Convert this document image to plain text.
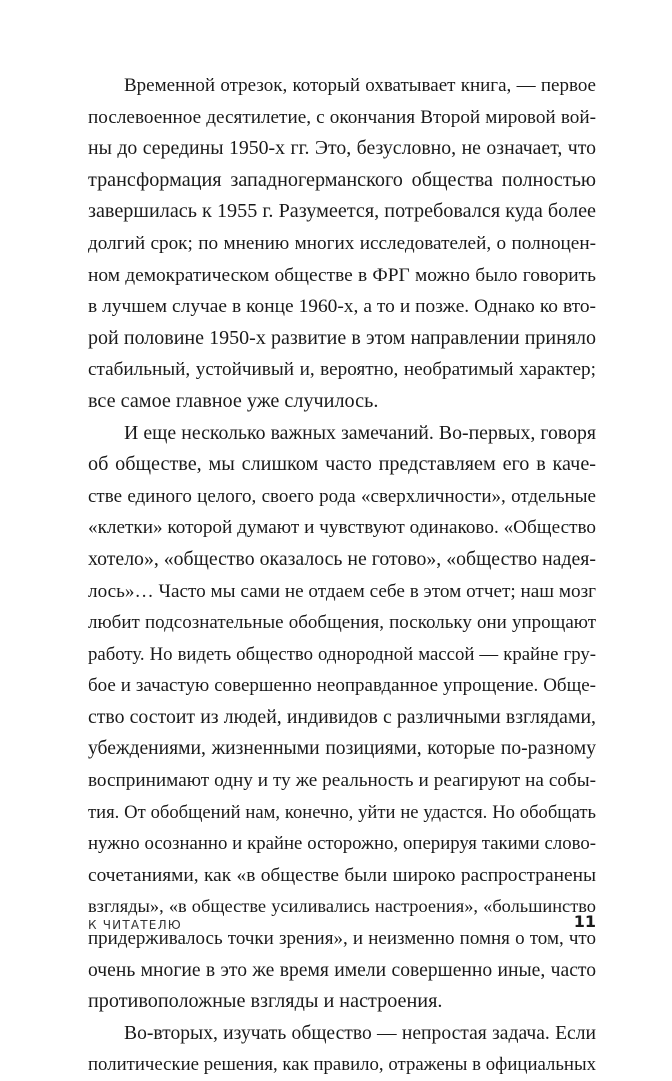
Временной отрезок, который охватывает книга, — первое
послевоенное десятилетие, с окончания Второй мировой вой-
ны до середины 1950-х гг. Это, безусловно, не означает, что
трансформация западногерманского общества полностью
завершилась к 1955 г. Разумеется, потребовался куда более
долгий срок; по мнению многих исследователей, о полноцен-
ном демократическом обществе в ФРГ можно было говорить
в лучшем случае в конце 1960-х, а то и позже. Однако ко вто-
рой половине 1950-х развитие в этом направлении приняло
стабильный, устойчивый и, вероятно, необратимый характер;
все самое главное уже случилось.
И еще несколько важных замечаний. Во-первых, говоря
об обществе, мы слишком часто представляем его в каче-
стве единого целого, своего рода «сверхличности», отдельные
«клетки» которой думают и чувствуют одинаково. «Общество
хотело», «общество оказалось не готово», «общество надея-
лось»… Часто мы сами не отдаем себе в этом отчет; наш мозг
любит подсознательные обобщения, поскольку они упрощают
работу. Но видеть общество однородной массой — крайне гру-
бое и зачастую совершенно неоправданное упрощение. Обще-
ство состоит из людей, индивидов с различными взглядами,
убеждениями, жизненными позициями, которые по-разному
воспринимают одну и ту же реальность и реагируют на собы-
тия. От обобщений нам, конечно, уйти не удастся. Но обобщать
нужно осознанно и крайне осторожно, оперируя такими слово-
сочетаниями, как «в обществе были широко распространены
взгляды», «в обществе усиливались настроения», «большинство
придерживалось точки зрения», и неизменно помня о том, что
очень многие в это же время имели совершенно иные, часто
противоположные взгляды и настроения.
Во-вторых, изучать общество — непростая задача. Если
политические решения, как правило, отражены в официальных
К ЧИТАТЕЛЮ	11
